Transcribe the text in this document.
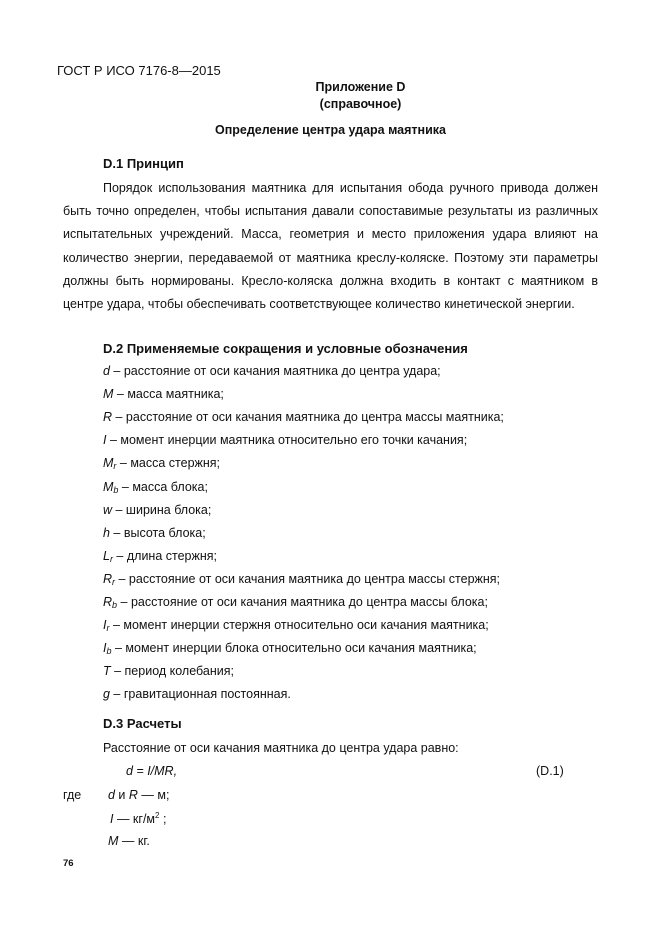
ГОСТ Р ИСО 7176-8—2015
Приложение D
(справочное)
Определение центра удара маятника
D.1 Принцип
Порядок использования маятника для испытания обода ручного привода должен быть точно определен, чтобы испытания давали сопоставимые результаты из различных испытательных учреждений. Масса, геометрия и место приложения удара влияют на количество энергии, передаваемой от маятника креслу-коляске. Поэтому эти параметры должны быть нормированы. Кресло-коляска должна входить в контакт с маятником в центре удара, чтобы обеспечивать соответствующее количество кинетической энергии.
D.2 Применяемые сокращения и условные обозначения
d – расстояние от оси качания маятника до центра удара;
M – масса маятника;
R – расстояние от оси качания маятника до центра массы маятника;
I – момент инерции маятника относительно его точки качания;
$M_r$ – масса стержня;
$M_b$ – масса блока;
w – ширина блока;
h – высота блока;
$L_r$ – длина стержня;
$R_r$ – расстояние от оси качания маятника до центра массы стержня;
$R_b$ – расстояние от оси качания маятника до центра массы блока;
$I_r$ – момент инерции стержня относительно оси качания маятника;
$I_b$ – момент инерции блока относительно оси качания маятника;
T – период колебания;
g – гравитационная постоянная.
D.3 Расчеты
Расстояние от оси качания маятника до центра удара равно:
d = I/MR,	(D.1)
где d и R — м;
I — $кг/м^2$ ;
M — кг.
76
